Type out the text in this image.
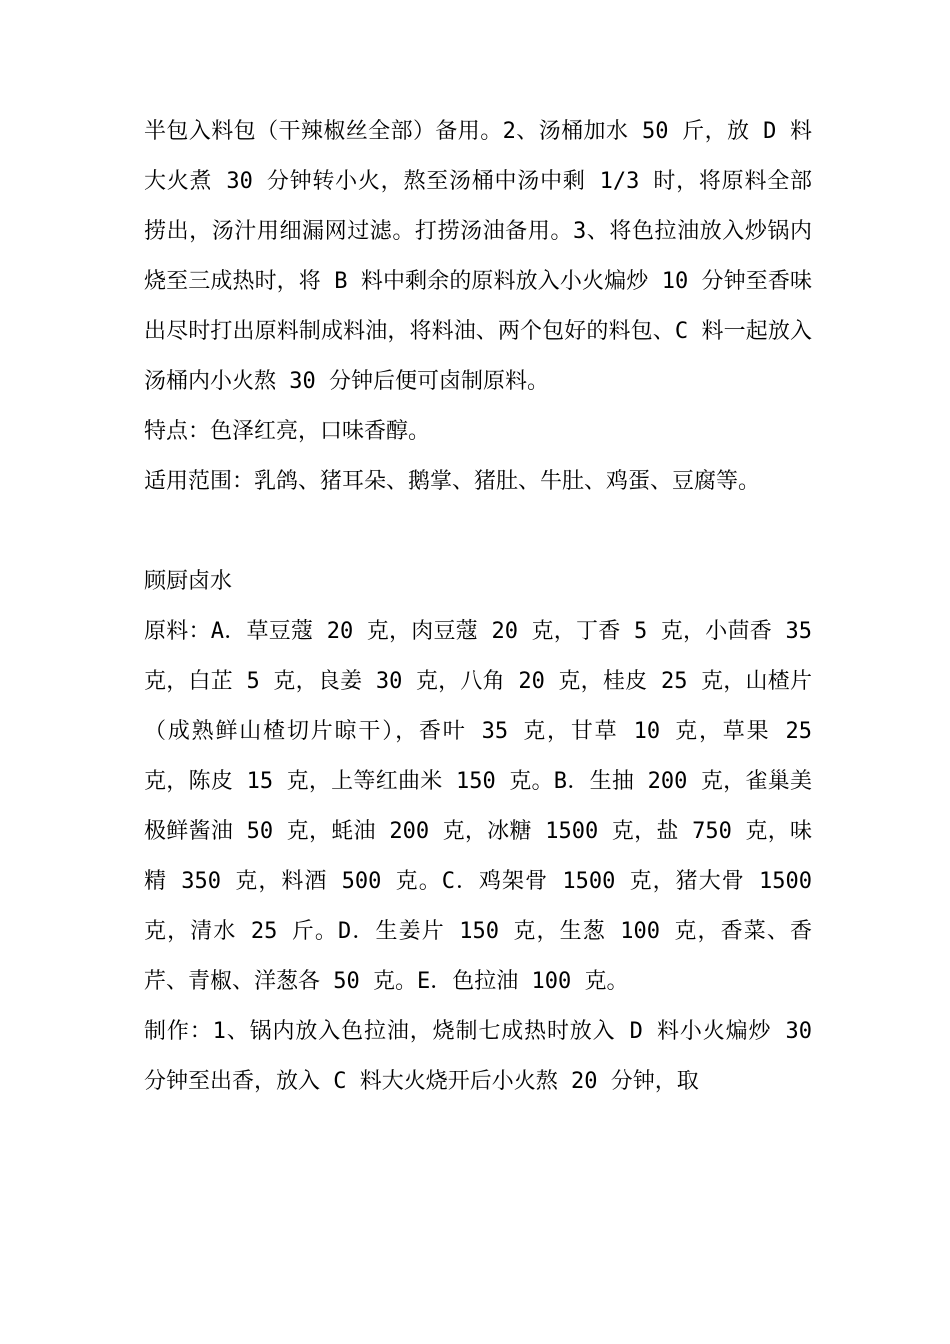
半包入料包（干辣椒丝全部）备用。2、汤桶加水 50 斤，放 D 料大火煮 30 分钟转小火，熬至汤桶中汤中剩 1/3 时，将原料全部捞出，汤汁用细漏网过滤。打捞汤油备用。3、将色拉油放入炒锅内烧至三成热时，将 B 料中剩余的原料放入小火煸炒 10 分钟至香味出尽时打出原料制成料油，将料油、两个包好的料包、C 料一起放入汤桶内小火熬 30 分钟后便可卤制原料。

特点：色泽红亮，口味香醇。

适用范围：乳鸽、猪耳朵、鹅掌、猪肚、牛肚、鸡蛋、豆腐等。

顾厨卤水

原料：A．草豆蔻 20 克，肉豆蔻 20 克，丁香 5 克，小茴香 35 克，白芷 5 克，良姜 30 克，八角 20 克，桂皮 25 克，山楂片（成熟鲜山楂切片晾干），香叶 35 克，甘草 10 克，草果 25 克，陈皮 15 克，上等红曲米 150 克。B．生抽 200 克，雀巢美极鲜酱油 50 克，蚝油 200 克，冰糖 1500 克，盐 750 克，味精 350 克，料酒 500 克。C．鸡架骨 1500 克，猪大骨 1500 克，清水 25 斤。D．生姜片 150 克，生葱 100 克，香菜、香芹、青椒、洋葱各 50 克。E．色拉油 100 克。

制作：1、锅内放入色拉油，烧制七成热时放入 D 料小火煸炒 30 分钟至出香，放入 C 料大火烧开后小火熬 20 分钟，取
